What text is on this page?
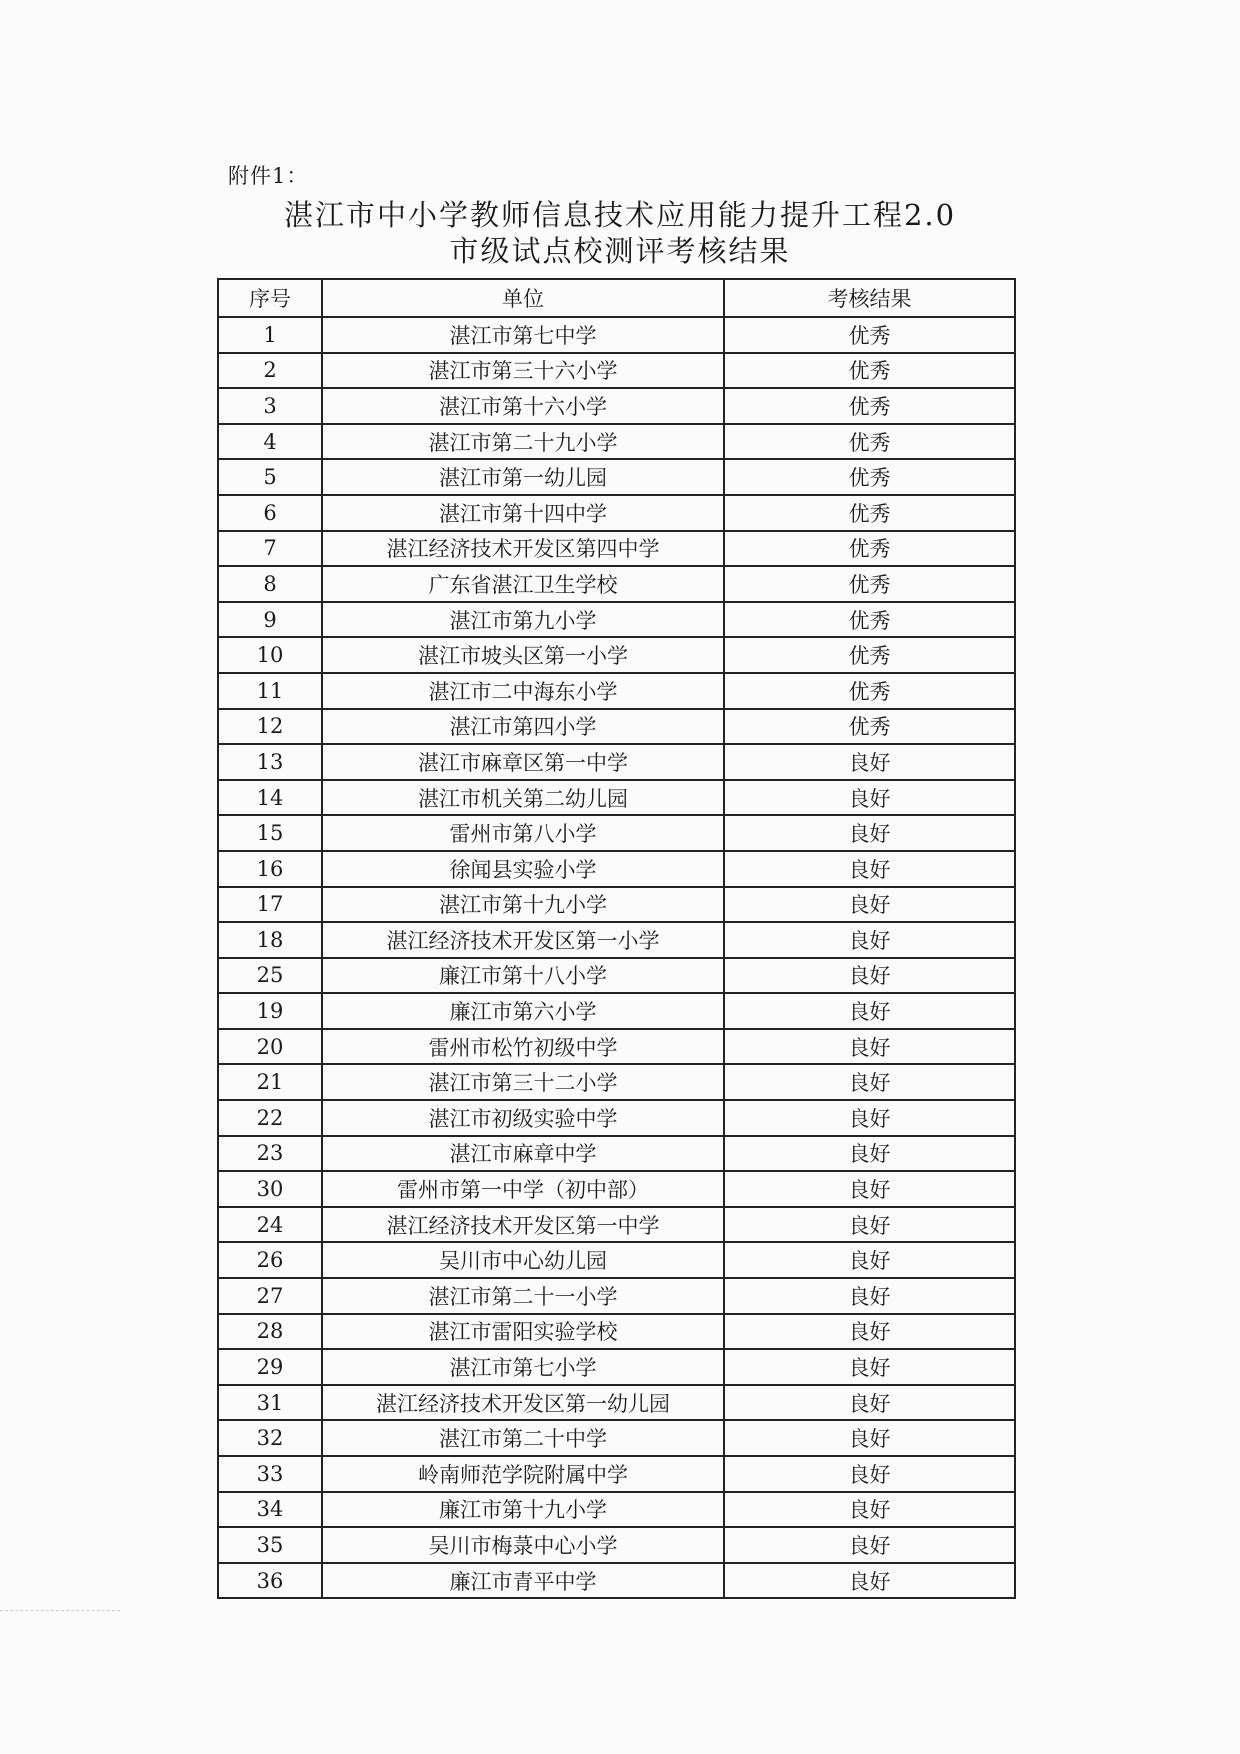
附件1：
湛江市中小学教师信息技术应用能力提升工程2.0
市级试点校测评考核结果
序号	单位	考核结果
1	湛江市第七中学	优秀
2	湛江市第三十六小学	优秀
3	湛江市第十六小学	优秀
4	湛江市第二十九小学	优秀
5	湛江市第一幼儿园	优秀
6	湛江市第十四中学	优秀
7	湛江经济技术开发区第四中学	优秀
8	广东省湛江卫生学校	优秀
9	湛江市第九小学	优秀
10	湛江市坡头区第一小学	优秀
11	湛江市二中海东小学	优秀
12	湛江市第四小学	优秀
13	湛江市麻章区第一中学	良好
14	湛江市机关第二幼儿园	良好
15	雷州市第八小学	良好
16	徐闻县实验小学	良好
17	湛江市第十九小学	良好
18	湛江经济技术开发区第一小学	良好
25	廉江市第十八小学	良好
19	廉江市第六小学	良好
20	雷州市松竹初级中学	良好
21	湛江市第三十二小学	良好
22	湛江市初级实验中学	良好
23	湛江市麻章中学	良好
30	雷州市第一中学（初中部）	良好
24	湛江经济技术开发区第一中学	良好
26	吴川市中心幼儿园	良好
27	湛江市第二十一小学	良好
28	湛江市雷阳实验学校	良好
29	湛江市第七小学	良好
31	湛江经济技术开发区第一幼儿园	良好
32	湛江市第二十中学	良好
33	岭南师范学院附属中学	良好
34	廉江市第十九小学	良好
35	吴川市梅菉中心小学	良好
36	廉江市青平中学	良好
